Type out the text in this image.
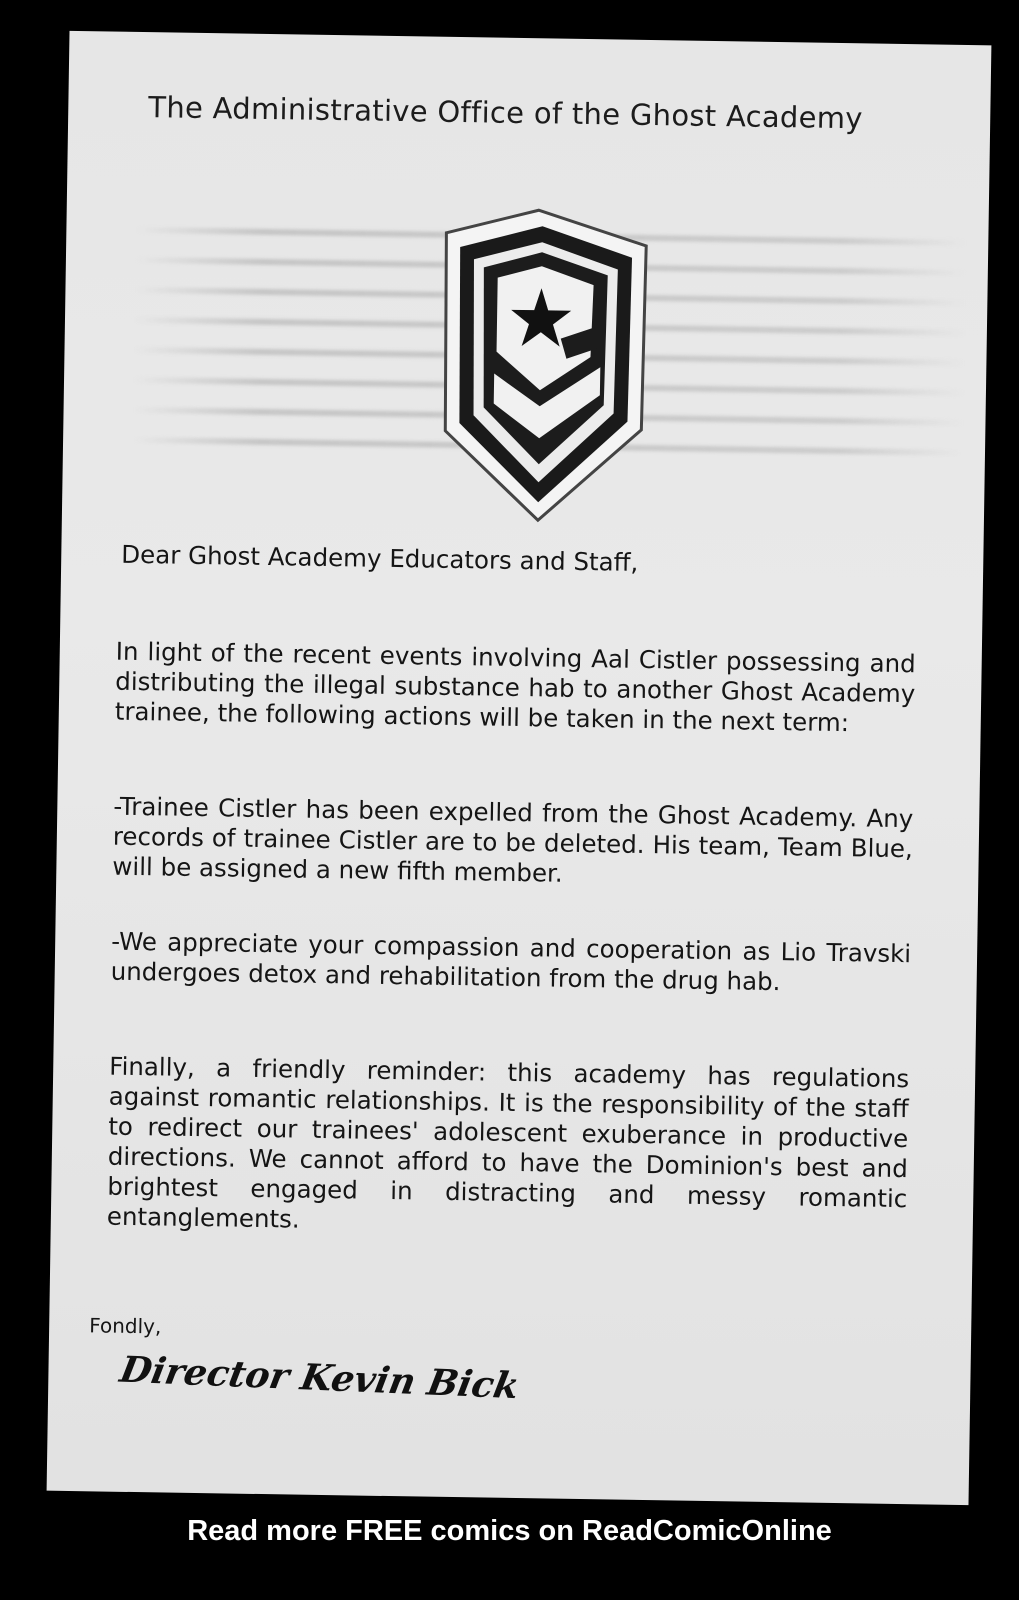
The Administrative Office of the Ghost Academy
Dear Ghost Academy Educators and Staff,

In light of the recent events involving Aal Cistler possessing and distributing the illegal substance hab to another Ghost Academy trainee, the following actions will be taken in the next term:

-Trainee Cistler has been expelled from the Ghost Academy. Any records of trainee Cistler are to be deleted. His team, Team Blue, will be assigned a new fifth member.

-We appreciate your compassion and cooperation as Lio Travski undergoes detox and rehabilitation from the drug hab.

Finally, a friendly reminder: this academy has regulations against romantic relationships. It is the responsibility of the staff to redirect our trainees' adolescent exuberance in productive directions. We cannot afford to have the Dominion's best and brightest engaged in distracting and messy romantic entanglements.

Fondly,
Director Kevin Bick
Read more FREE comics on ReadComicOnline
